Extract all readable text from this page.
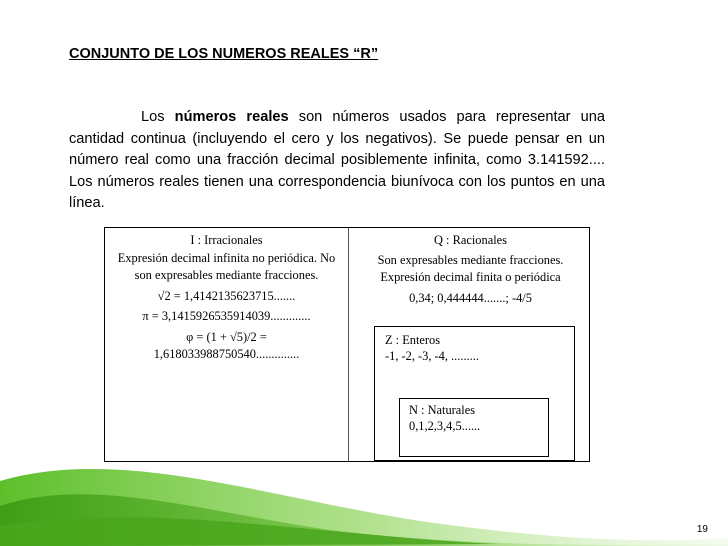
CONJUNTO DE LOS NUMEROS REALES “R”
Los números reales son números usados para representar una cantidad continua (incluyendo el cero y los negativos). Se puede pensar en un número real como una fracción decimal posiblemente infinita, como 3.141592.... Los números reales tienen una correspondencia biunívoca con los puntos en una línea.
I : Irracionales
Expresión decimal infinita no periódica. No son expresables mediante fracciones.
√2 = 1,4142135623715.......
π = 3,1415926535914039.............
φ = (1 + √5)/2 =
1,618033988750540..............
Q : Racionales
Son expresables mediante fracciones.
Expresión decimal finita o periódica
0,34; 0,444444.......; -4/5
Z : Enteros
-1, -2, -3, -4, .........
N : Naturales
0,1,2,3,4,5......
19
